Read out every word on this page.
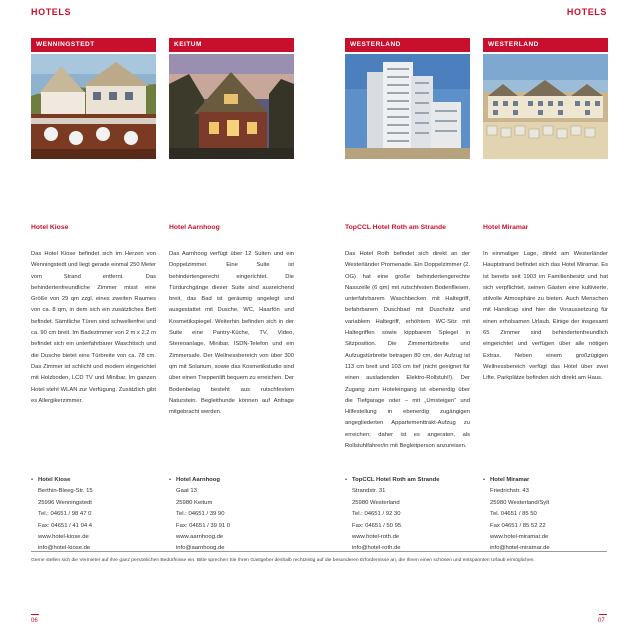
HOTELS	HOTELS
WENNINGSTEDT
Hotel Kiose
Das Hotel Kiose befindet sich im Herzen von Wenningstedt und liegt gerade einmal 250 Meter vom Strand entfernt. Das behindertenfreundliche Zimmer misst eine Größe von 29 qm zzgl. eines zweiten Raumes von ca. 8 qm, in dem sich ein zusätzliches Bett befindet. Sämtliche Türen sind schwellenfrei und ca. 90 cm breit. Im Badezimmer von 2 m x 2,2 m befindet sich ein unterfahrbarer Waschtisch und die Dusche bietet eine Türbreite von ca. 78 cm. Das Zimmer ist schlicht und modern eingerichtet mit Holzboden, LCD TV und Minibar. Im ganzen Hotel steht WLAN zur Verfügung. Zusätzlich gibt es Allergikerzimmer.
• Hotel Kiose
Berthin-Bleeg-Str. 15
25996 Wenningstedt
Tel.: 04651 / 98 47 0
Fax: 04651 / 41 04 4
www.hotel-kiose.de
info@hotel-kiose.de
KEITUM
Hotel Aarnhoog
Das Aarnhoog verfügt über 12 Suiten und ein Doppelzimmer. Eine Suite ist behindertengerecht eingerichtet. Die Türdurchgänge dieser Suite sind ausreichend breit, das Bad ist geräumig angelegt und ausgestattet mit Dusche, WC, Haarfön und Kosmetikspiegel. Weiterhin befinden sich in der Suite eine Pantry-Küche, TV, Video, Stereoanlage, Minibar, ISDN-Telefon und ein Zimmersafe. Der Wellnessbereich von über 300 qm mit Solarium, sowie das Kosmetikstudio sind über einen Treppenlift bequem zu erreichen. Der Bodenbelag besteht aus rutschfestem Naturstein. Begleithunde können auf Anfrage mitgebracht werden.
• Hotel Aarnhoog
Gaat 13
25980 Keitum
Tel.: 04651 / 39 90
Fax: 04651 / 39 91 0
www.aarnhoog.de
info@aarnhoog.de
WESTERLAND
TopCCL Hotel Roth am Strande
Das Hotel Roth befindet sich direkt an der Westerländer Promenade. Ein Doppelzimmer (2. OG) hat eine große behindertengerechte Nasszelle (6 qm) mit rutschfesten Bodenfliesen, unterfahrbarem Waschbecken mit Haltegriff, befahrbarem Duschbad mit Duschsitz und variablem Haltegriff, erhöhtem WC-Sitz mit Haltegriffen sowie kippbarem Spiegel in Sitzposition. Die Zimmertürbreite und Aufzugstürbreite betragen 80 cm, der Aufzug ist 113 cm breit und 103 cm tief (nicht geeignet für einen ausladenden Elektro-Rollstuhl!). Der Zugang zum Hoteleingang ist ebenerdig über die Tiefgarage oder – mit „Umsteigen“ und Hilfestellung in ebenerdig zugängigen angegliederten Appartementtrakt-Aufzug zu erreichen; daher ist es angeraten, als Rollstuhlfahrer/in mit Begleitperson anzureisen.
• TopCCL Hotel Roth am Strande
Strandstr. 31
25980 Westerland
Tel.: 04651 / 92 30
Fax: 04651 / 50 95
www.hotel-roth.de
info@hotel-roth.de
WESTERLAND
Hotel Miramar
In einmaliger Lage, direkt am Westerländer Hauptstrand befindet sich das Hotel Miramar. Es ist bereits seit 1903 im Familienbesitz und hat sich verpflichtet, seinen Gästen eine kultivierte, stilvolle Atmosphäre zu bieten. Auch Menschen mit Handicap sind hier die Voraussetzung für einen erholsamen Urlaub. Einige der insgesamt 65 Zimmer sind behindertenfreundlich eingerichtet und verfügen über alle nötigen Extras. Neben einem großzügigen Wellnessbereich verfügt das Hotel über zwei Lifte. Parkplätze befinden sich direkt am Haus.
• Hotel Miramar
Friedrichstr. 43
25980 Westerland/Sylt
Tel. 04651 / 85 50
Fax 04651 / 85 52 22
www.hotel-miramar.de
info@hotel-miramar.de
Gerne stellen sich die Vermieter auf ihre ganz persönlichen Bedürfnisse ein. Bitte sprechen Sie Ihren Gastgeber deshalb rechtzeitig auf die besonderen Erfordernisse an, die Ihnen einen schönen und entspannten Urlaub ermöglichen.
06	07
